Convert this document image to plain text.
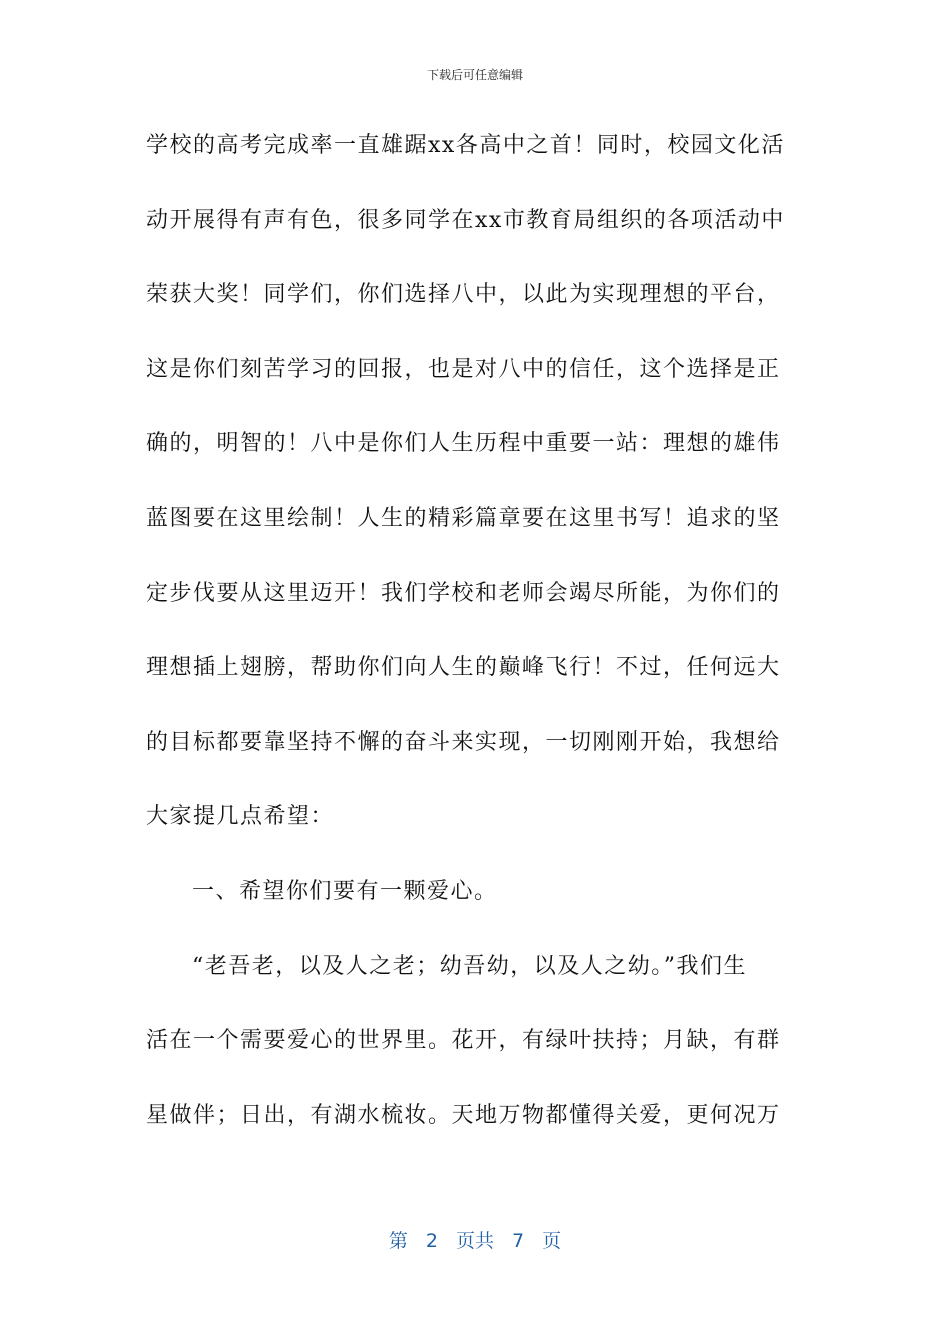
下载后可任意编辑
学校的高考完成率一直雄踞xx各高中之首！同时，校园文化活
动开展得有声有色，很多同学在xx市教育局组织的各项活动中
荣获大奖！同学们，你们选择八中，以此为实现理想的平台，
这是你们刻苦学习的回报，也是对八中的信任，这个选择是正
确的，明智的！八中是你们人生历程中重要一站：理想的雄伟
蓝图要在这里绘制！人生的精彩篇章要在这里书写！追求的坚
定步伐要从这里迈开！我们学校和老师会竭尽所能，为你们的
理想插上翅膀，帮助你们向人生的巅峰飞行！不过，任何远大
的目标都要靠坚持不懈的奋斗来实现，一切刚刚开始，我想给
大家提几点希望：
一、希望你们要有一颗爱心。
“老吾老，以及人之老；幼吾幼，以及人之幼。”我们生
活在一个需要爱心的世界里。花开，有绿叶扶持；月缺，有群
星做伴；日出，有湖水梳妆。天地万物都懂得关爱，更何况万
第 2 页共 7 页
